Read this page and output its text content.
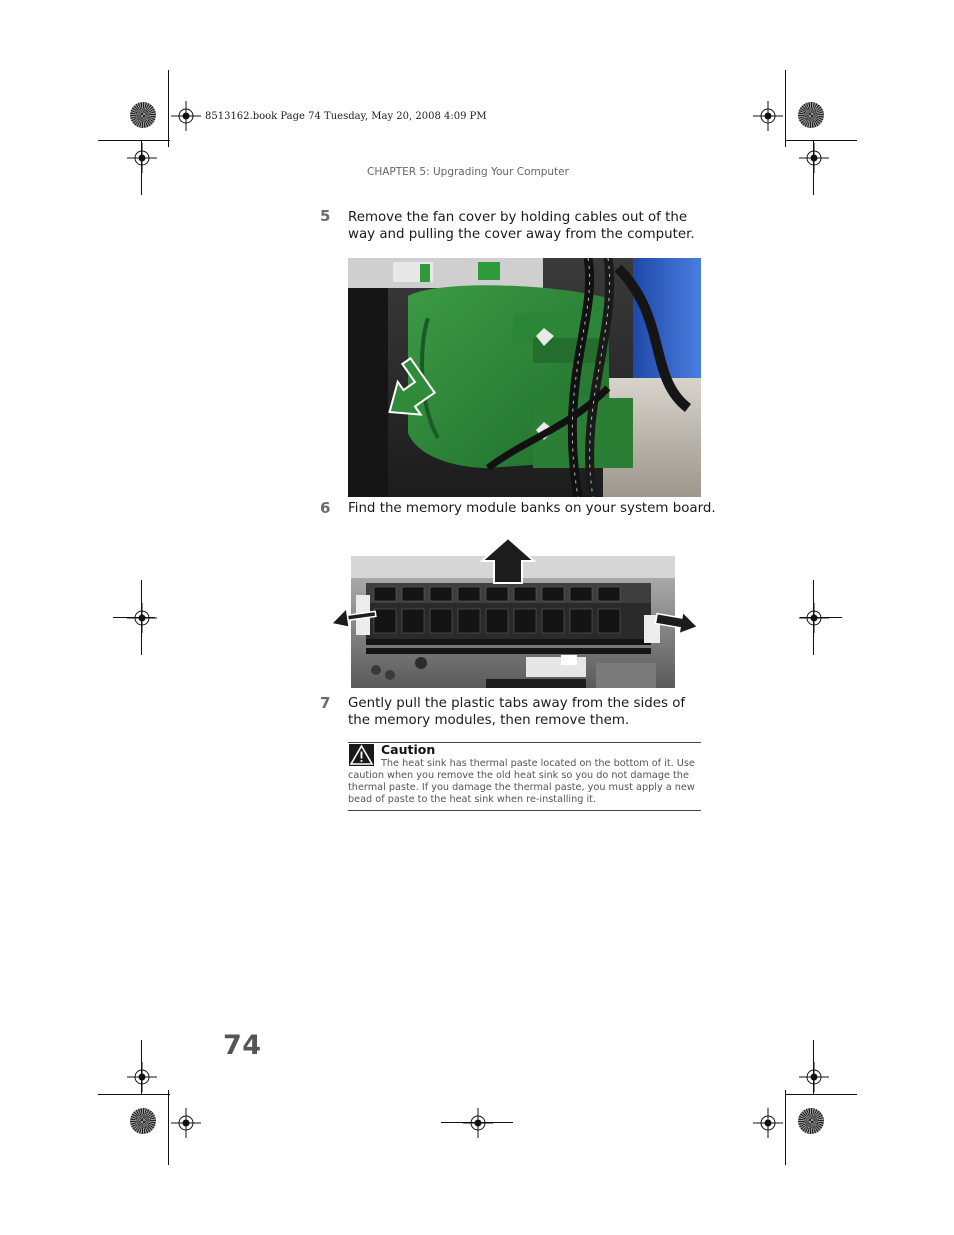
8513162.book Page 74 Tuesday, May 20, 2008 4:09 PM
CHAPTER 5: Upgrading Your Computer
5 Remove the fan cover by holding cables out of the way and pulling the cover away from the computer.
6 Find the memory module banks on your system board.
7 Gently pull the plastic tabs away from the sides of the memory modules, then remove them.
Caution
The heat sink has thermal paste located on the bottom of it. Use caution when you remove the old heat sink so you do not damage the thermal paste. If you damage the thermal paste, you must apply a new bead of paste to the heat sink when re-installing it.
74
